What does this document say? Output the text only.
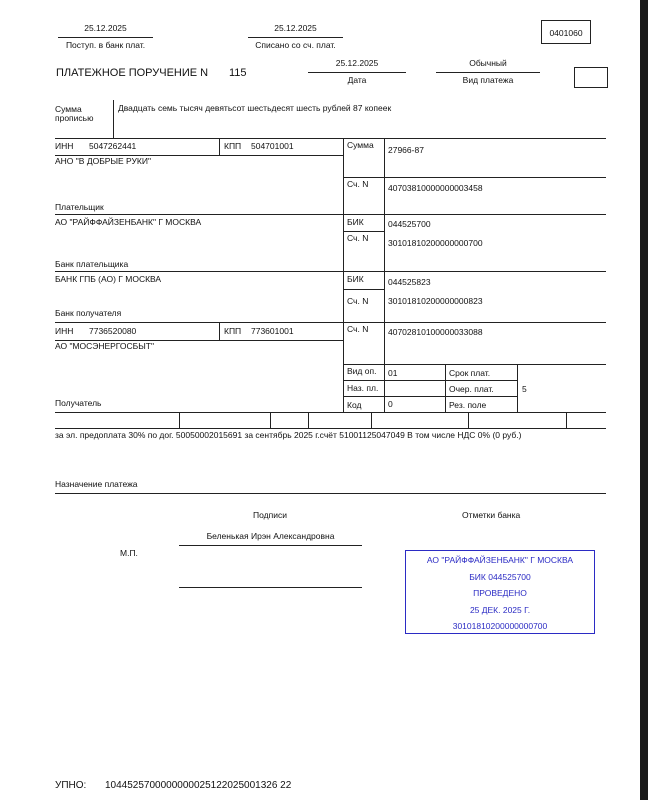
25.12.2025
Поступ. в банк плат.
25.12.2025
Списано со сч. плат.
0401060
ПЛАТЕЖНОЕ ПОРУЧЕНИЕ N 115
25.12.2025
Дата
Обычный
Вид платежа
Сумма
прописью
Двадцать семь тысяч девятьсот шестьдесят шесть рублей 87 копеек
ИНН 5047262441	КПП 504701001
АНО "В ДОБРЫЕ РУКИ"
Плательщик
Сумма 27966-87
Сч. N 40703810000000003458
АО "РАЙФФАЙЗЕНБАНК" Г МОСКВА
Банк плательщика
БИК	044525700
Сч. N 30101810200000000700
БАНК ГПБ (АО) Г МОСКВА
Банк получателя
БИК	044525823
Сч. N 30101810200000000823
ИНН 7736520080	КПП 773601001
АО "МОСЭНЕРГОСБЫТ"
Получатель
Сч. N 40702810100000033088
Вид оп. 01	Срок плат.
Наз. пл.	Очер. плат.	5
Код	0	Рез. поле
за эл. предоплата 30% по дог. 50050002015691 за сентябрь 2025 г.счёт 51001125047049 В том числе НДС 0% (0 руб.)
Назначение платежа
Подписи	Отметки банка
М.П.
Беленькая Ирэн Александровна
АО "РАЙФФАЙЗЕНБАНК" Г МОСКВА
БИК 044525700
ПРОВЕДЕНО
25 ДЕК. 2025 Г.
30101810200000000700
УПНО: 1044525700000000025122025001326 22
